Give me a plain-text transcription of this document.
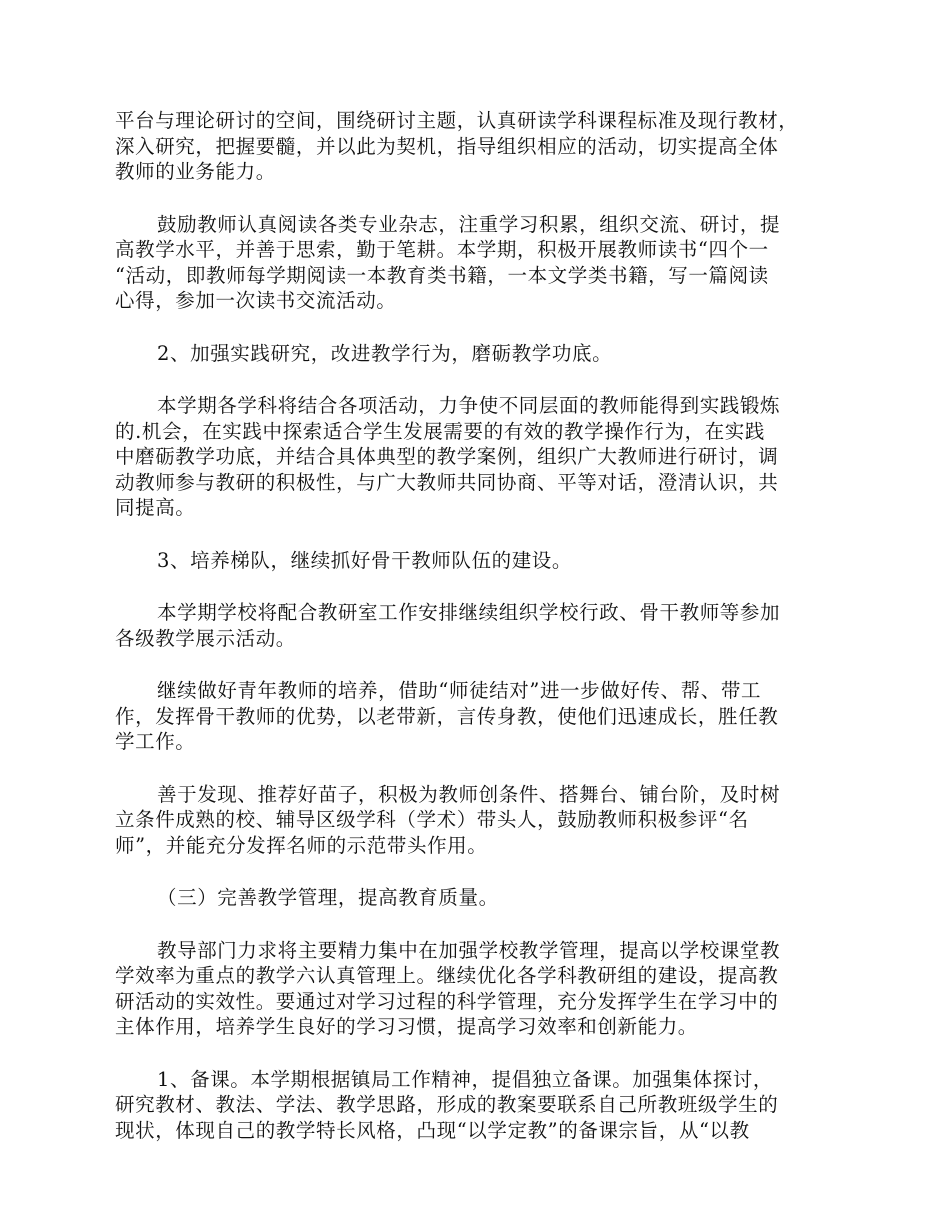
平台与理论研讨的空间，围绕研讨主题，认真研读学科课程标准及现行教材，
深入研究，把握要髓，并以此为契机，指导组织相应的活动，切实提高全体
教师的业务能力。

鼓励教师认真阅读各类专业杂志，注重学习积累，组织交流、研讨，提
高教学水平，并善于思索，勤于笔耕。本学期，积极开展教师读书“四个一
“活动，即教师每学期阅读一本教育类书籍，一本文学类书籍，写一篇阅读
心得，参加一次读书交流活动。

2、加强实践研究，改进教学行为，磨砺教学功底。

本学期各学科将结合各项活动，力争使不同层面的教师能得到实践锻炼
的.机会，在实践中探索适合学生发展需要的有效的教学操作行为，在实践
中磨砺教学功底，并结合具体典型的教学案例，组织广大教师进行研讨，调
动教师参与教研的积极性，与广大教师共同协商、平等对话，澄清认识，共
同提高。

3、培养梯队，继续抓好骨干教师队伍的建设。

本学期学校将配合教研室工作安排继续组织学校行政、骨干教师等参加
各级教学展示活动。

继续做好青年教师的培养，借助“师徒结对”进一步做好传、帮、带工
作，发挥骨干教师的优势，以老带新，言传身教，使他们迅速成长，胜任教
学工作。

善于发现、推荐好苗子，积极为教师创条件、搭舞台、铺台阶，及时树
立条件成熟的校、辅导区级学科（学术）带头人，鼓励教师积极参评“名
师”，并能充分发挥名师的示范带头作用。

（三）完善教学管理，提高教育质量。

教导部门力求将主要精力集中在加强学校教学管理，提高以学校课堂教
学效率为重点的教学六认真管理上。继续优化各学科教研组的建设，提高教
研活动的实效性。要通过对学习过程的科学管理，充分发挥学生在学习中的
主体作用，培养学生良好的学习习惯，提高学习效率和创新能力。

1、备课。本学期根据镇局工作精神，提倡独立备课。加强集体探讨，
研究教材、教法、学法、教学思路，形成的教案要联系自己所教班级学生的
现状，体现自己的教学特长风格，凸现“以学定教”的备课宗旨，从“以教
